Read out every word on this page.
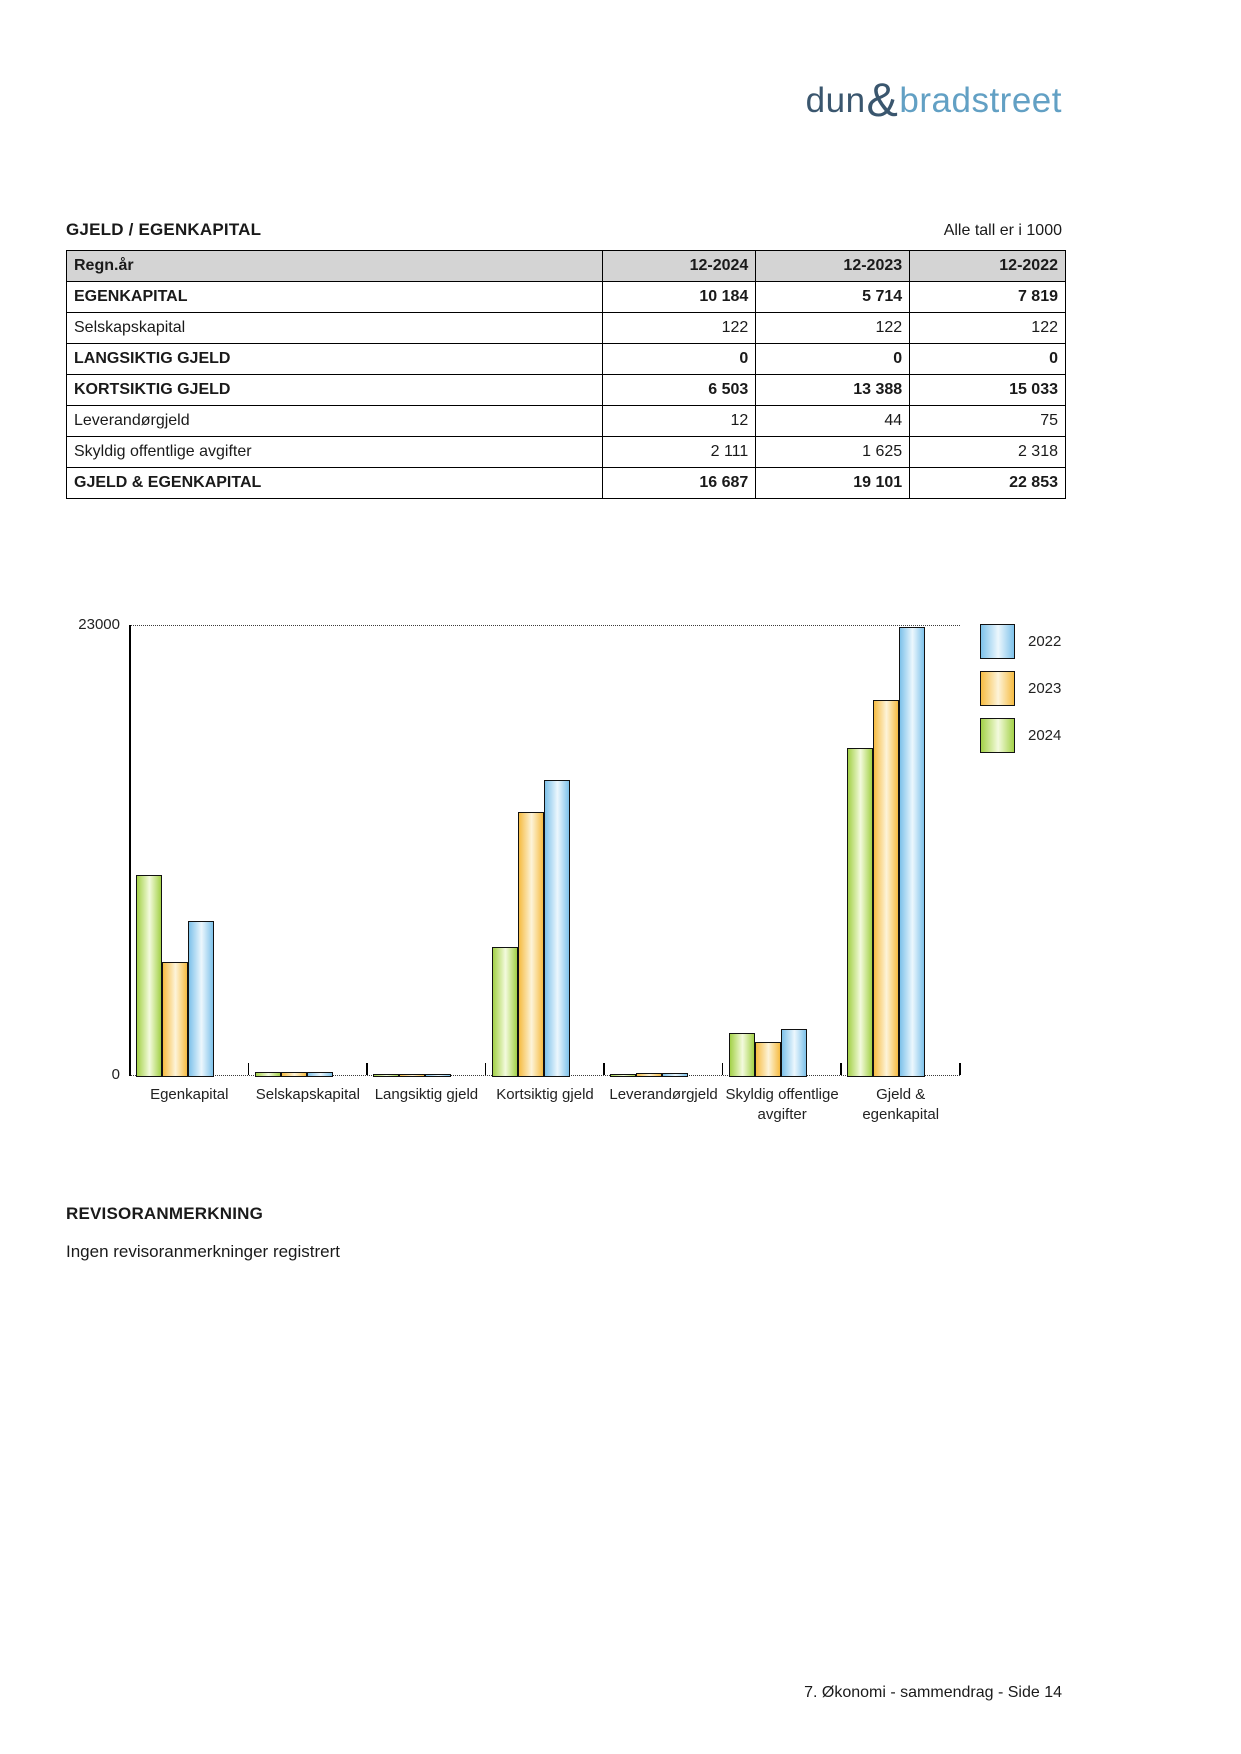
dun&bradstreet
GJELD / EGENKAPITAL	Alle tall er i 1000
Regn.år	12-2024	12-2023	12-2022
EGENKAPITAL	10 184	5 714	7 819
Selskapskapital	122	122	122
LANGSIKTIG GJELD	0	0	0
KORTSIKTIG GJELD	6 503	13 388	15 033
Leverandørgjeld	12	44	75
Skyldig offentlige avgifter	2 111	1 625	2 318
GJELD & EGENKAPITAL	16 687	19 101	22 853
2022
2023
2024
23000
0
Egenkapital	Selskapskapital Langsiktig gjeld	Kortsiktig gjeld	Leverandørgjeld Skyldig offentlige avgifter
Gjeld & egenkapital
REVISORANMERKNING
Ingen revisoranmerkninger registrert
7. Økonomi - sammendrag - Side 14
